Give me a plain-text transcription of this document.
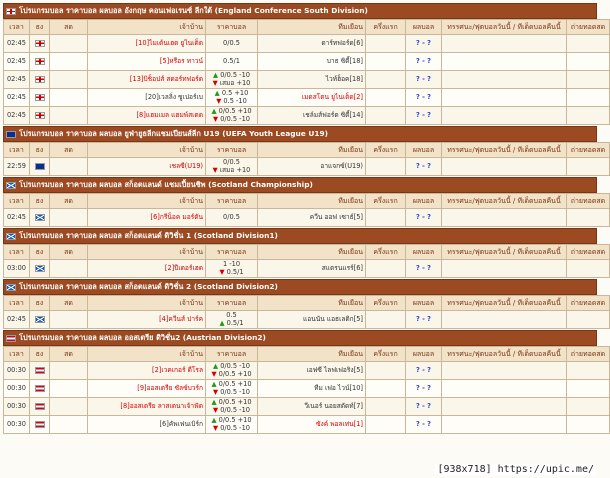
โปรแกรมบอล ราคาบอล ผลบอล อังกฤษ คอนเฟอเรนซ์ ลีกใต้ (England Conference South Division)
เวลา	ธง	สด	เจ้าบ้าน	ราคาบอล	ทีมเยือน	ครึ่งแรก	ผลบอล	ทรรศนะ/ฟุตบอลวันนี้ / ทีเด็ดบอลคืนนี้	ถ่ายทอดสด
02:45			[10]ไมเด้นเฮด ยูไนเต็ด	0/0.5	ดาร์ทฟอร์ด[6]		? - ?		
02:45			[5]หรือร ทาวน์	0.5/1	บาธ ซิตี้[18]		? - ?		
02:45			[13]บิช็อปส์ สตอร์ทฟอร์ด	▲ 0/0.5 -10
▼ เสมอ +10	ไวท์ฮ็อค[18]		? - ?		
02:45			[20]เวลลิ่ง ซูเปอร์เบ	▲ 0.5 +10
▼ 0.5 -10	เมดสโตน ยูไนเต็ด[2]		? - ?		
02:45			[8]แฮมเมล แฮมพ์สเตด	▲ 0/0.5 +10
▼ 0/0.5 -10	เชล์มส์ฟอร์ด ซิตี้[14]		? - ?		
โปรแกรมบอล ราคาบอล ผลบอล ยูฟ่ายูธลีกแชมเปียนส์ลีก U19 (UEFA Youth League U19)
เวลา	ธง	สด	เจ้าบ้าน	ราคาบอล	ทีมเยือน	ครึ่งแรก	ผลบอล	ทรรศนะ/ฟุตบอลวันนี้ / ทีเด็ดบอลคืนนี้	ถ่ายทอดสด
22:59			เชลซี(U19)	0/0.5
▼ เสมอ +10	อาแจกซ์(U19)		? - ?		
โปรแกรมบอล ราคาบอล ผลบอล สก็อตแลนด์ แชมเปี้ยนชิพ (Scotland Championship)
เวลา	ธง	สด	เจ้าบ้าน	ราคาบอล	ทีมเยือน	ครึ่งแรก	ผลบอล	ทรรศนะ/ฟุตบอลวันนี้ / ทีเด็ดบอลคืนนี้	ถ่ายทอดสด
02:45			[6]กรีน็อค มอร์ตัน	0/0.5	ควีน ออฟ เซาธ์[5]		? - ?		
โปรแกรมบอล ราคาบอล ผลบอล สก็อตแลนด์ ดิวิชั่น 1 (Scotland Division1)
เวลา	ธง	สด	เจ้าบ้าน	ราคาบอล	ทีมเยือน	ครึ่งแรก	ผลบอล	ทรรศนะ/ฟุตบอลวันนี้ / ทีเด็ดบอลคืนนี้	ถ่ายทอดสด
03:00			[2]ปีเตอร์เฮด	1 -10
▼ 0.5/1	สแตรนแรร์[6]		? - ?		
โปรแกรมบอล ราคาบอล ผลบอล สก็อตแลนด์ ดิวิชั่น 2 (Scotland Division2)
เวลา	ธง	สด	เจ้าบ้าน	ราคาบอล	ทีมเยือน	ครึ่งแรก	ผลบอล	ทรรศนะ/ฟุตบอลวันนี้ / ทีเด็ดบอลคืนนี้	ถ่ายทอดสด
02:45			[4]ควีนส์ ปาร์ค	0.5
▲ 0.5/1	แอนนัน แอธเลติก[5]		? - ?		
โปรแกรมบอล ราคาบอล ผลบอล ออสเตรีย ดิวิชั่น2 (Austrian Division2)
เวลา	ธง	สด	เจ้าบ้าน	ราคาบอล	ทีมเยือน	ครึ่งแรก	ผลบอล	ทรรศนะ/ฟุตบอลวันนี้ / ทีเด็ดบอลคืนนี้	ถ่ายทอดสด
00:30			[2]เวคเกอร์ ดีโรล	▲ 0/0.5 -10
▼ 0/0.5 +10	เอฟซี ไลฟเฟอริง[5]		? - ?		
00:30			[9]ออสเตรีย ซัลซ์บวร์ก	▲ 0/0.5 +10
▼ 0/0.5 -10	ทีม เฟอ ไวน์[10]		? - ?		
00:30			[8]ออสเตรีย ลาสเตนาเจ้าฟัด	▲ 0/0.5 +10
▼ 0/0.5 -10	วีเนอร์ นอยสตัดท์[7]		? - ?		
00:30			[6]คัพเฟนเบิร์ก	▲ 0/0.5 +10
▼ 0/0.5 -10	ซังค์ พอลเท่น[1]		? - ?		
[938x718] https://upic.me/
